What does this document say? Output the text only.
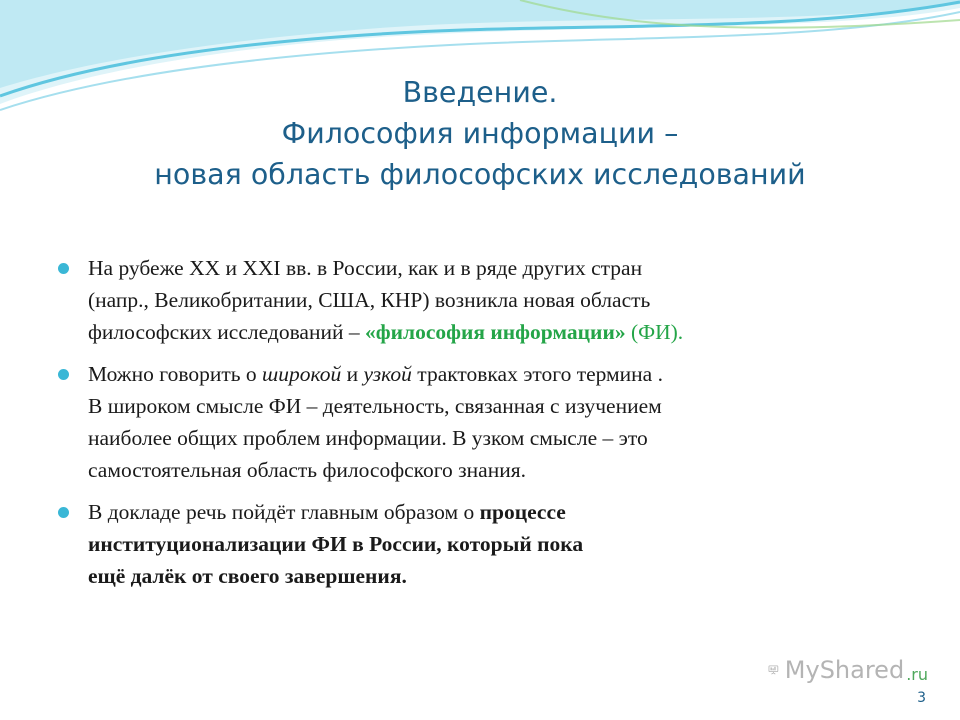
Введение.
Философия информации –
новая область философских исследований
На рубеже XX и XXI вв. в России, как и в ряде других стран
(напр., Великобритании, США, КНР) возникла новая область
философских исследований – «философия информации» (ФИ).
Можно говорить о широкой и узкой трактовках этого термина .
В широком смысле ФИ – деятельность, связанная с изучением
наиболее общих проблем информации. В узком смысле – это
самостоятельная область философского знания.
В докладе речь пойдёт главным образом о процессе
институционализации ФИ в России, который пока
ещё далёк от своего завершения.
MyShared .ru
3
